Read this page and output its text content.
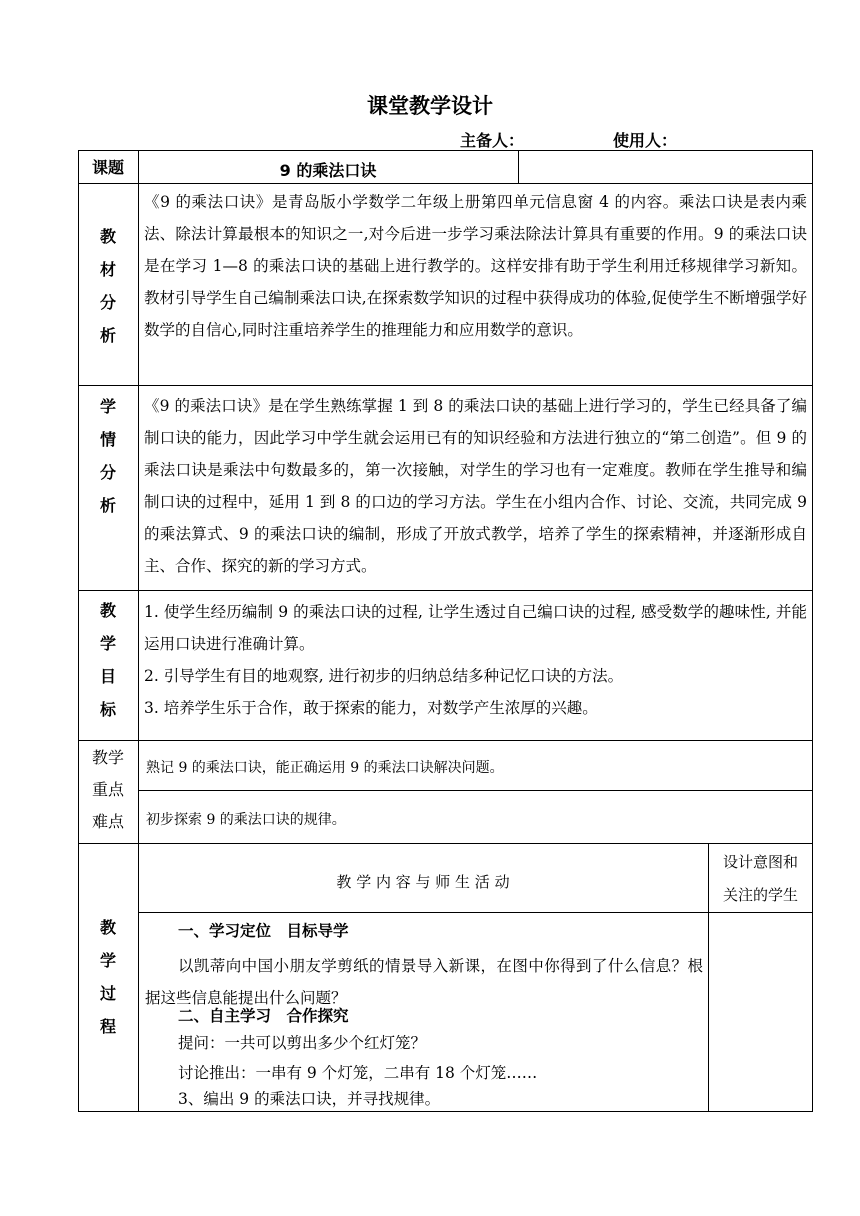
课堂教学设计
主备人：	使用人：
课题	9 的乘法口诀
教
材
分
析
《9 的乘法口诀》是青岛版小学数学二年级上册第四单元信息窗 4 的内容。乘法口诀是表内乘法、除法计算最根本的知识之一,对今后进一步学习乘法除法计算具有重要的作用。9 的乘法口诀是在学习 1—8 的乘法口诀的基础上进行教学的。这样安排有助于学生利用迁移规律学习新知。教材引导学生自己编制乘法口诀,在探索数学知识的过程中获得成功的体验,促使学生不断增强学好数学的自信心,同时注重培养学生的推理能力和应用数学的意识。
学
情
分
析
《9 的乘法口诀》是在学生熟练掌握 1 到 8 的乘法口诀的基础上进行学习的，学生已经具备了编制口诀的能力，因此学习中学生就会运用已有的知识经验和方法进行独立的“第二创造”。但 9 的乘法口诀是乘法中句数最多的，第一次接触，对学生的学习也有一定难度。教师在学生推导和编制口诀的过程中，延用 1 到 8 的口边的学习方法。学生在小组内合作、讨论、交流，共同完成 9 的乘法算式、9 的乘法口诀的编制，形成了开放式教学，培养了学生的探索精神，并逐渐形成自主、合作、探究的新的学习方式。
教
学
目
标
1. 使学生经历编制 9 的乘法口诀的过程, 让学生透过自己编口诀的过程, 感受数学的趣味性, 并能运用口诀进行准确计算。
2. 引导学生有目的地观察, 进行初步的归纳总结多种记忆口诀的方法。
3. 培养学生乐于合作，敢于探索的能力，对数学产生浓厚的兴趣。
教学
重点
难点
熟记 9 的乘法口诀，能正确运用 9 的乘法口诀解决问题。
初步探索 9 的乘法口诀的规律。
教
学
过
程
教 学 内 容 与 师 生 活 动
设计意图和
关注的学生
一、学习定位　目标导学
以凯蒂向中国小朋友学剪纸的情景导入新课，在图中你得到了什么信息？根据这些信息能提出什么问题？
二、自主学习　合作探究
提问：一共可以剪出多少个红灯笼？
讨论推出：一串有 9 个灯笼，二串有 18 个灯笼……
3、编出 9 的乘法口诀，并寻找规律。
